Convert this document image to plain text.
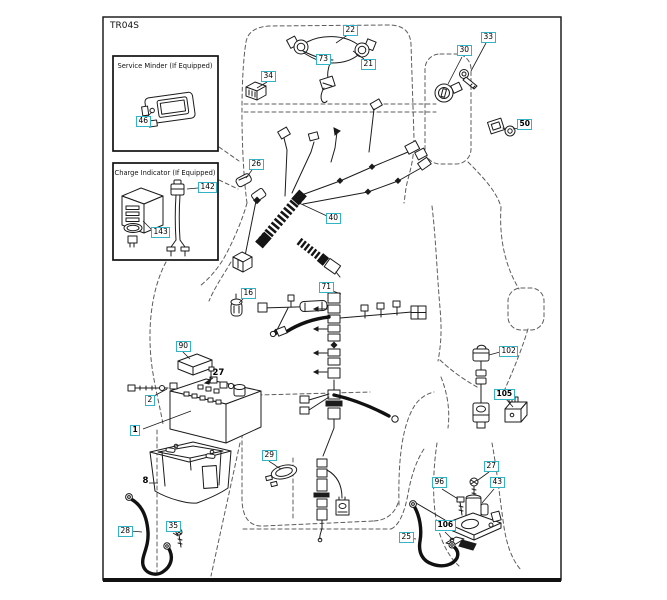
TR04S
Service Minder (If Equipped)
Charge Indicator (If Equipped)
22
73
21
34
30
33
50
46
142
143
26
40
16
71
90
2
1
27
8
28
35
29
102
105
27
43
96
106
25
